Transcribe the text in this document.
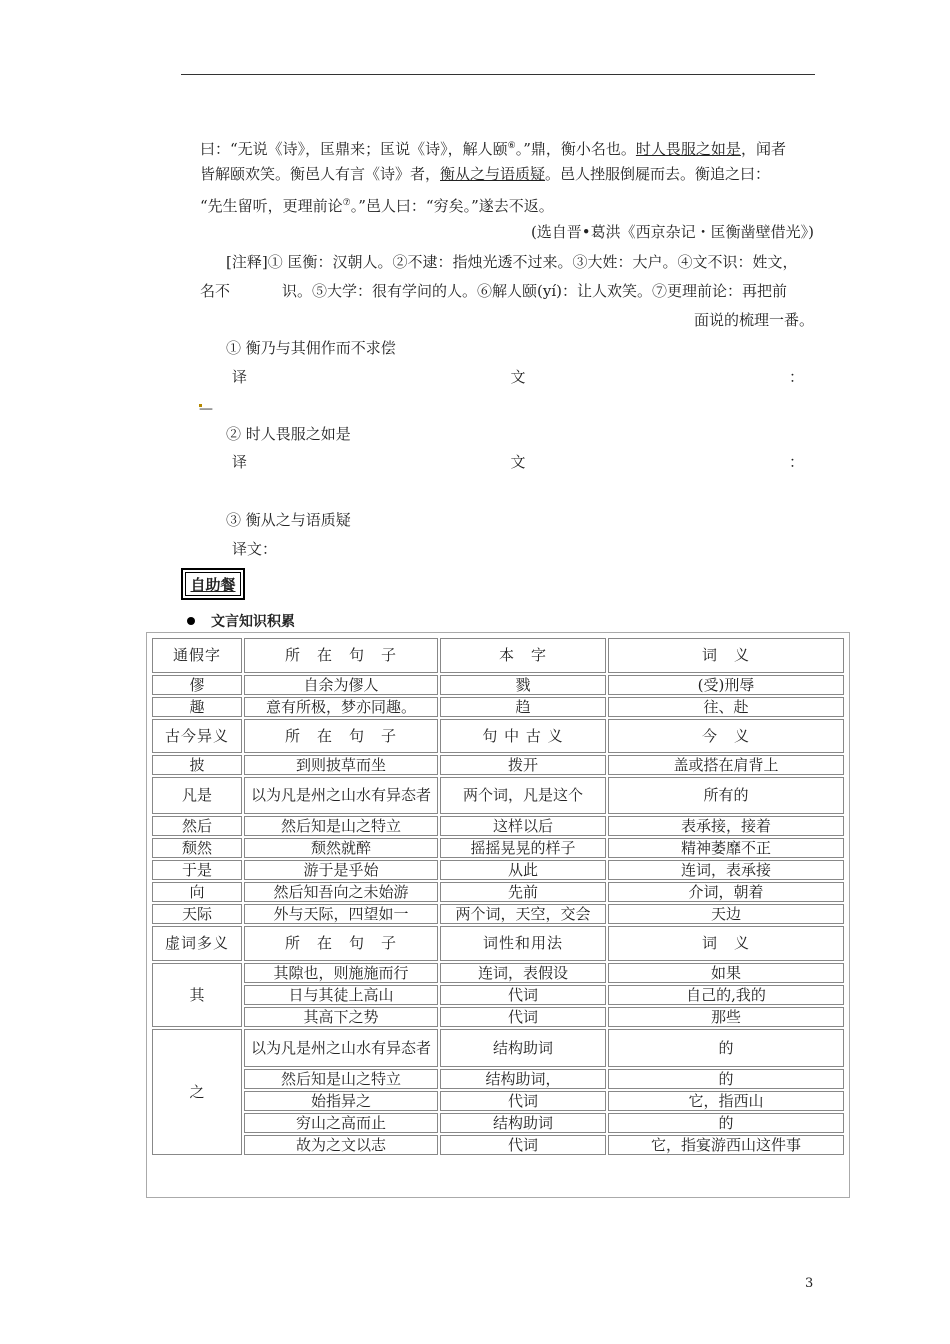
曰：“无说《诗》，匡鼎来；匡说《诗》，解人颐⑥。”鼎，衡小名也。时人畏服之如是，闻者

皆解颐欢笑。衡邑人有言《诗》者，衡从之与语质疑。邑人挫服倒屣而去。衡追之曰：

“先生留听，更理前论⑦。”邑人曰：“穷矣。”遂去不返。

(选自晋•葛洪《西京杂记・匡衡凿壁借光》)

[注释]① 匡衡：汉朝人。②不逮：指烛光透不过来。③大姓：大户。④文不识：姓文，

名不	识。⑤大学：很有学问的人。⑥解人颐(yí)：让人欢笑。⑦更理前论：再把前

面说的梳理一番。
① 衡乃与其佣作而不求偿
译	文	：
—
② 时人畏服之如是
译	文	：
③ 衡从之与语质疑
译文：
自助餐
文言知识积累
通假字	所　在　句　子	本　字	词　义
僇	自余为僇人	戮	(受)刑辱
趣	意有所极，梦亦同趣。	趋	往、赴
古今异义	所　在　句　子	句 中 古 义	今　义
披	到则披草而坐	拨开	盖或搭在肩背上
凡是	以为凡是州之山水有异态者	两个词，凡是这个	所有的
然后	然后知是山之特立	这样以后	表承接，接着
颓然	颓然就醉	摇摇晃晃的样子	精神萎靡不正
于是	游于是乎始	从此	连词，表承接
向	然后知吾向之未始游	先前	介词，朝着
天际	外与天际，四望如一	两个词，天空，交会	天边
虚词多义	所　在　句　子	词性和用法	词　义
其	其隙也，则施施而行	连词，表假设	如果
	日与其徒上高山	代词	自己的,我的
	其高下之势	代词	那些
之	以为凡是州之山水有异态者	结构助词	的
	然后知是山之特立	结构助词，	的
	始指异之	代词	它，指西山
	穷山之高而止	结构助词	的
	故为之文以志	代词	它，指宴游西山这件事
3
